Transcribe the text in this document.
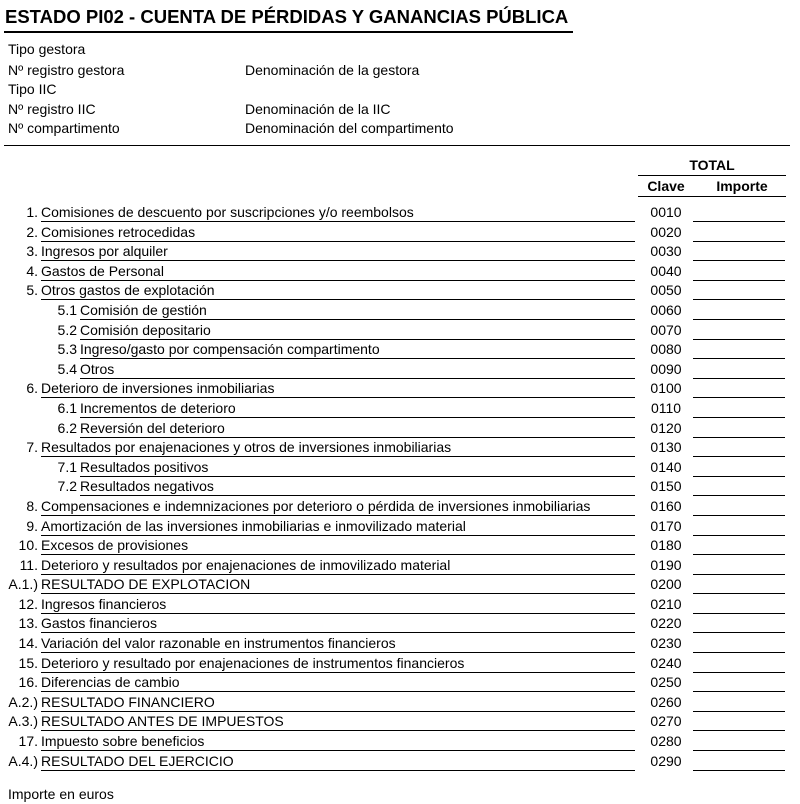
ESTADO PI02 - CUENTA DE PÉRDIDAS Y GANANCIAS PÚBLICA
Tipo gestora
Nº registro gestora	Denominación de la gestora
Tipo IIC
Nº registro IIC	Denominación de la IIC
Nº compartimento	Denominación del compartimento
TOTAL
Clave	Importe
1. Comisiones de descuento por suscripciones y/o reembolsos	0010
2. Comisiones retrocedidas	0020
3. Ingresos por alquiler	0030
4. Gastos de Personal	0040
5. Otros gastos de explotación	0050
5.1 Comisión de gestión	0060
5.2 Comisión depositario	0070
5.3 Ingreso/gasto por compensación compartimento	0080
5.4 Otros	0090
6. Deterioro de inversiones inmobiliarias	0100
6.1 Incrementos de deterioro	0110
6.2 Reversión del deterioro	0120
7. Resultados por enajenaciones y otros de inversiones inmobiliarias	0130
7.1 Resultados positivos	0140
7.2 Resultados negativos	0150
8. Compensaciones e indemnizaciones por deterioro o pérdida de inversiones inmobiliarias	0160
9. Amortización de las inversiones inmobiliarias e inmovilizado material	0170
10. Excesos de provisiones	0180
11. Deterioro y resultados por enajenaciones de inmovilizado material	0190
A.1.) RESULTADO DE EXPLOTACION	0200
12. Ingresos financieros	0210
13. Gastos financieros	0220
14. Variación del valor razonable en instrumentos financieros	0230
15. Deterioro y resultado por enajenaciones de instrumentos financieros	0240
16. Diferencias de cambio	0250
A.2.) RESULTADO FINANCIERO	0260
A.3.) RESULTADO ANTES DE IMPUESTOS	0270
17. Impuesto sobre beneficios	0280
A.4.) RESULTADO DEL EJERCICIO	0290
Importe en euros
